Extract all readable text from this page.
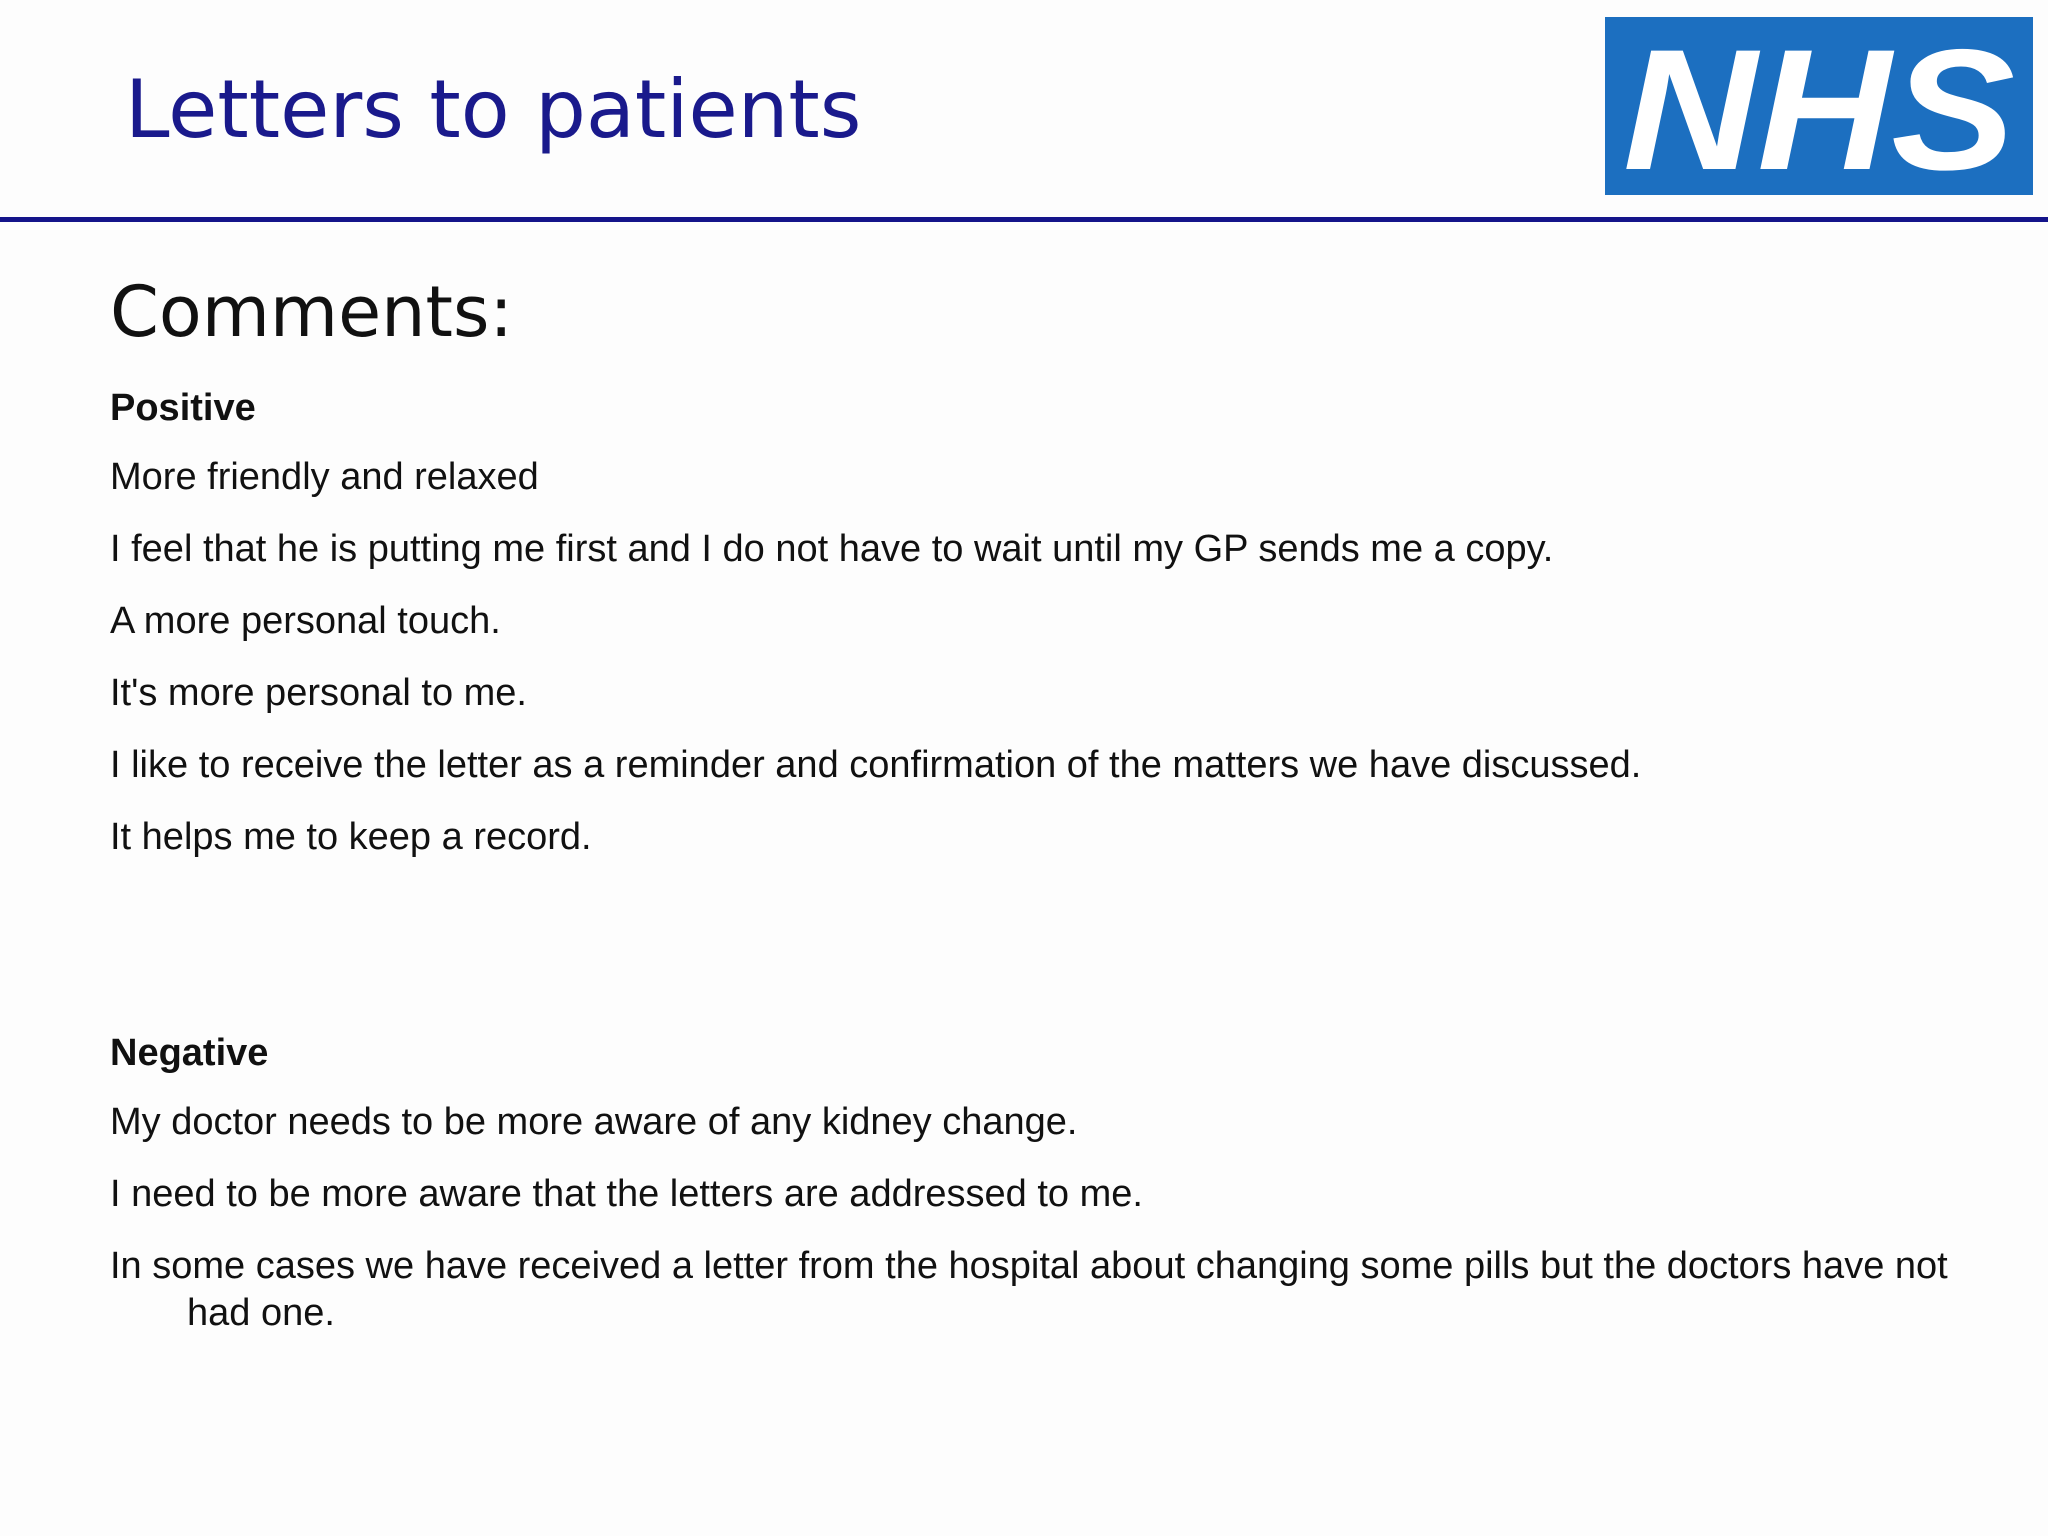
Letters to patients	NHS
Comments:
Positive
More friendly and relaxed
I feel that he is putting me first and I do not have to wait until my GP sends me a copy.
A more personal touch.
It's more personal to me.
I like to receive the letter as a reminder and confirmation of the matters we have discussed.
It helps me to keep a record.
Negative
My doctor needs to be more aware of any kidney change.
I need to be more aware that the letters are addressed to me.
In some cases we have received a letter from the hospital about changing some pills but the doctors have not had one.
